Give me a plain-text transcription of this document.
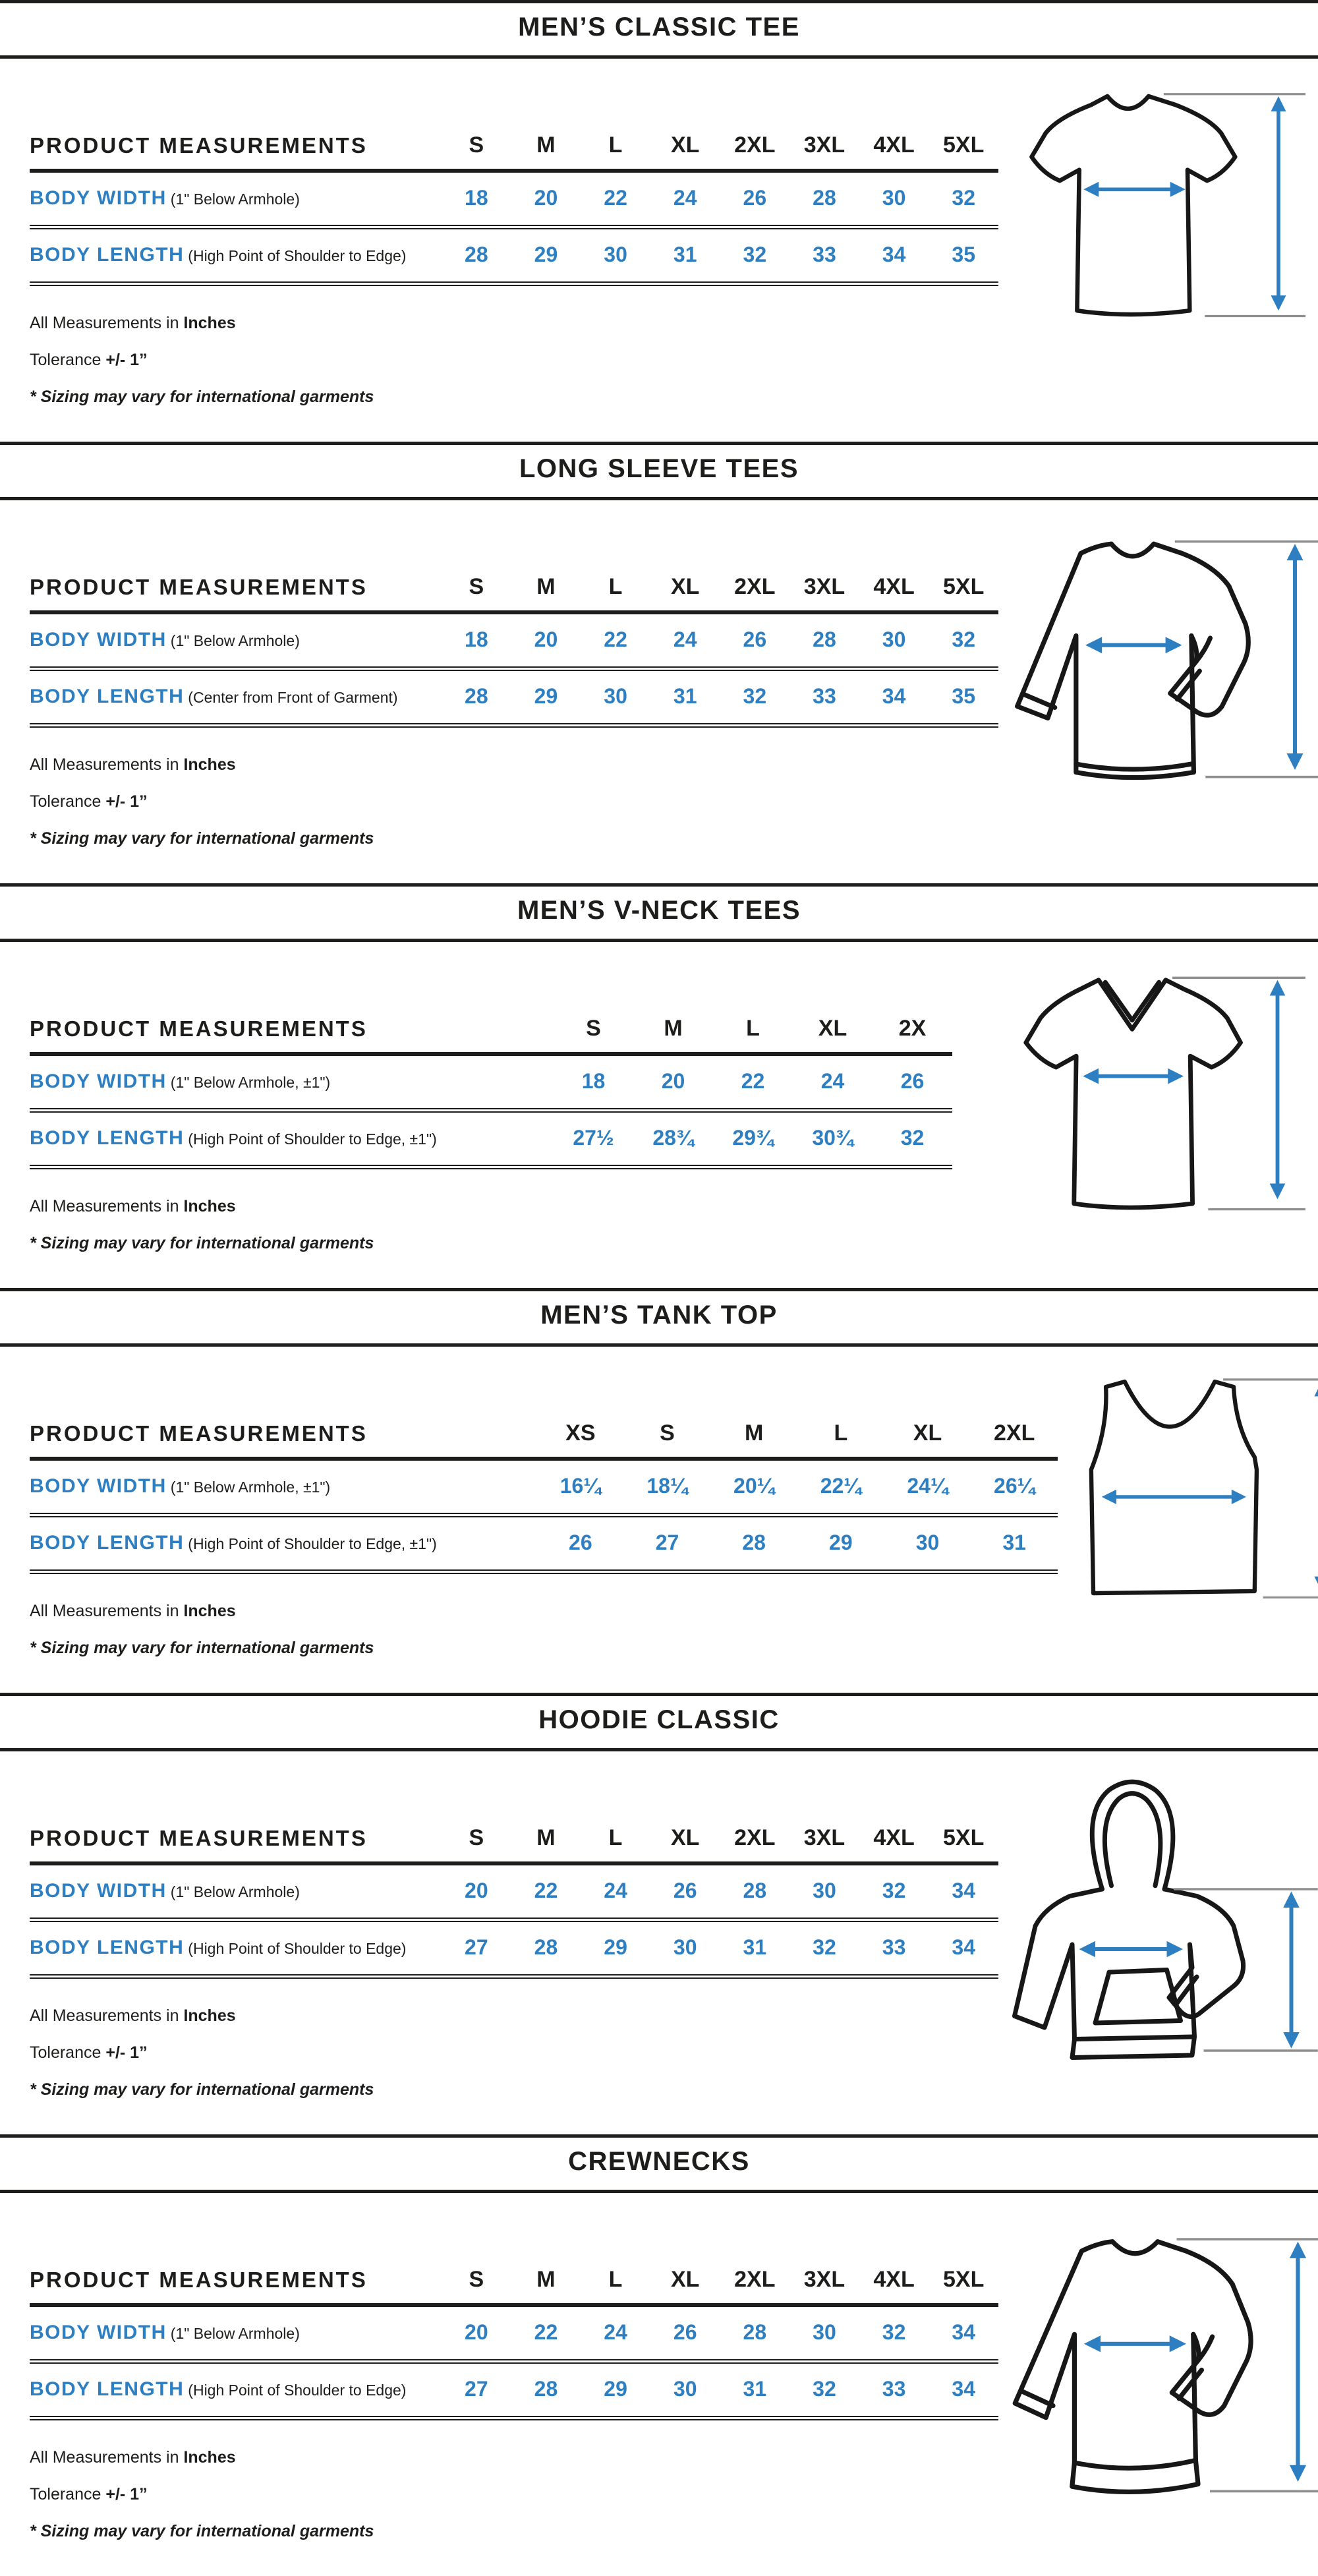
MEN’S CLASSIC TEE
PRODUCT MEASUREMENTS	S	M	L	XL	2XL	3XL	4XL	5XL
BODY WIDTH (1" Below Armhole)	18	20	22	24	26	28	30	32
BODY LENGTH (High Point of Shoulder to Edge)	28	29	30	31	32	33	34	35

All Measurements in Inches

Tolerance +/- 1”

* Sizing may vary for international garments

LONG SLEEVE TEES
PRODUCT MEASUREMENTS	S	M	L	XL	2XL	3XL	4XL	5XL
BODY WIDTH (1" Below Armhole)	18	20	22	24	26	28	30	32
BODY LENGTH (Center from Front of Garment)	28	29	30	31	32	33	34	35

All Measurements in Inches

Tolerance +/- 1”

* Sizing may vary for international garments

MEN’S V-NECK TEES
PRODUCT MEASUREMENTS	S	M	L	XL	2X
BODY WIDTH (1" Below Armhole, ±1")	18	20	22	24	26
BODY LENGTH (High Point of Shoulder to Edge, ±1")	27½	28¾	29¾	30¾	32

All Measurements in Inches

* Sizing may vary for international garments

MEN’S TANK TOP
PRODUCT MEASUREMENTS	XS	S	M	L	XL	2XL
BODY WIDTH (1" Below Armhole, ±1")	16¼	18¼	20¼	22¼	24¼	26¼
BODY LENGTH (High Point of Shoulder to Edge, ±1")	26	27	28	29	30	31

All Measurements in Inches

* Sizing may vary for international garments

HOODIE CLASSIC
PRODUCT MEASUREMENTS	S	M	L	XL	2XL	3XL	4XL	5XL
BODY WIDTH (1" Below Armhole)	20	22	24	26	28	30	32	34
BODY LENGTH (High Point of Shoulder to Edge)	27	28	29	30	31	32	33	34

All Measurements in Inches

Tolerance +/- 1”

* Sizing may vary for international garments

CREWNECKS
PRODUCT MEASUREMENTS	S	M	L	XL	2XL	3XL	4XL	5XL
BODY WIDTH (1" Below Armhole)	20	22	24	26	28	30	32	34
BODY LENGTH (High Point of Shoulder to Edge)	27	28	29	30	31	32	33	34

All Measurements in Inches

Tolerance +/- 1”

* Sizing may vary for international garments
